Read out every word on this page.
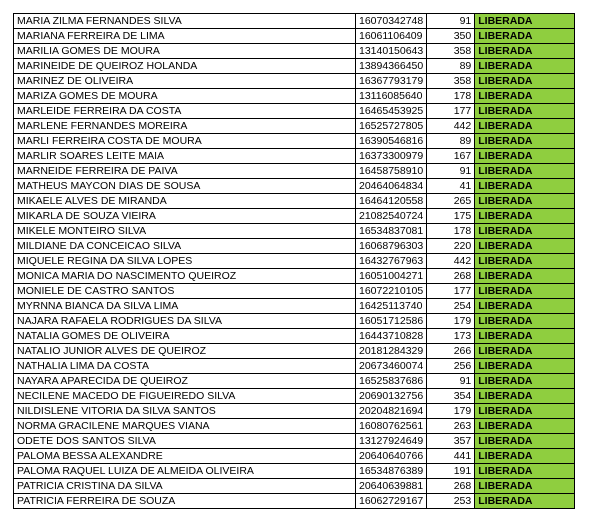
MARIA ZILMA FERNANDES SILVA	16070342748	91	LIBERADA
MARIANA FERREIRA DE LIMA	16061106409	350	LIBERADA
MARILIA GOMES DE MOURA	13140150643	358	LIBERADA
MARINEIDE DE QUEIROZ HOLANDA	13894366450	89	LIBERADA
MARINEZ DE OLIVEIRA	16367793179	358	LIBERADA
MARIZA GOMES DE MOURA	13116085640	178	LIBERADA
MARLEIDE FERREIRA DA COSTA	16465453925	177	LIBERADA
MARLENE FERNANDES MOREIRA	16525727805	442	LIBERADA
MARLI FERREIRA COSTA DE MOURA	16390546816	89	LIBERADA
MARLIR SOARES LEITE MAIA	16373300979	167	LIBERADA
MARNEIDE FERREIRA DE PAIVA	16458758910	91	LIBERADA
MATHEUS MAYCON DIAS DE SOUSA	20464064834	41	LIBERADA
MIKAELE ALVES DE MIRANDA	16464120558	265	LIBERADA
MIKARLA DE SOUZA VIEIRA	21082540724	175	LIBERADA
MIKELE MONTEIRO SILVA	16534837081	178	LIBERADA
MILDIANE DA CONCEICAO SILVA	16068796303	220	LIBERADA
MIQUELE REGINA DA SILVA LOPES	16432767963	442	LIBERADA
MONICA MARIA DO NASCIMENTO QUEIROZ	16051004271	268	LIBERADA
MONIELE DE CASTRO SANTOS	16072210105	177	LIBERADA
MYRNNA BIANCA DA SILVA LIMA	16425113740	254	LIBERADA
NAJARA RAFAELA RODRIGUES DA SILVA	16051712586	179	LIBERADA
NATALIA GOMES DE OLIVEIRA	16443710828	173	LIBERADA
NATALIO JUNIOR ALVES DE QUEIROZ	20181284329	266	LIBERADA
NATHALIA LIMA DA COSTA	20673460074	256	LIBERADA
NAYARA APARECIDA DE QUEIROZ	16525837686	91	LIBERADA
NECILENE MACEDO DE FIGUEIREDO SILVA	20690132756	354	LIBERADA
NILDISLENE VITORIA DA SILVA SANTOS	20204821694	179	LIBERADA
NORMA GRACILENE MARQUES VIANA	16080762561	263	LIBERADA
ODETE DOS SANTOS SILVA	13127924649	357	LIBERADA
PALOMA BESSA ALEXANDRE	20640640766	441	LIBERADA
PALOMA RAQUEL LUIZA DE ALMEIDA OLIVEIRA	16534876389	191	LIBERADA
PATRICIA CRISTINA DA SILVA	20640639881	268	LIBERADA
PATRICIA FERREIRA DE SOUZA	16062729167	253	LIBERADA
